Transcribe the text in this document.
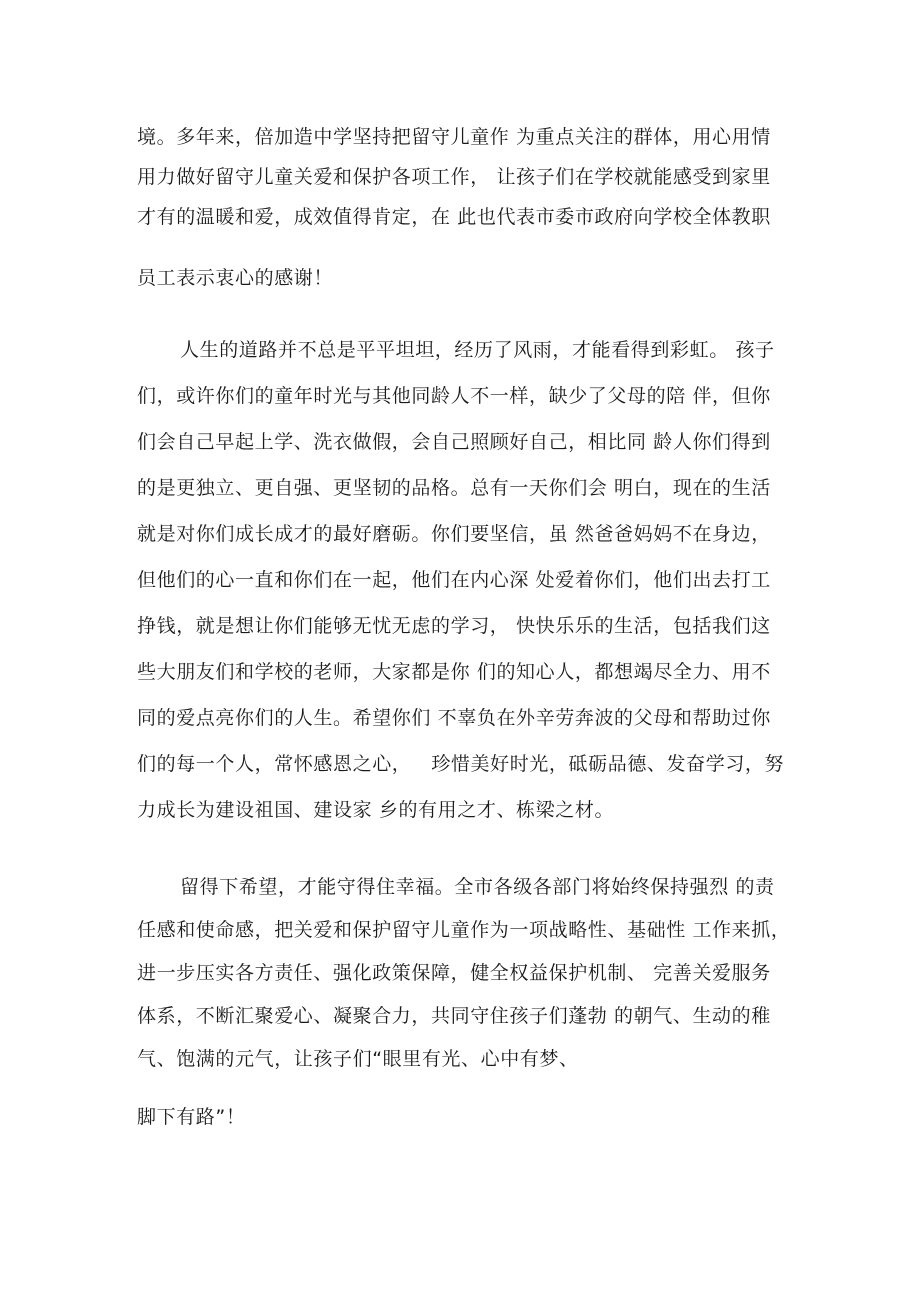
境。多年来，倍加造中学坚持把留守儿童作 为重点关注的群体，用心用情
用力做好留守儿童关爱和保护各项工作， 让孩子们在学校就能感受到家里
才有的温暖和爱，成效值得肯定，在 此也代表市委市政府向学校全体教职
员工表示衷心的感谢！
人生的道路并不总是平平坦坦，经历了风雨，才能看得到彩虹。 孩子
们，或许你们的童年时光与其他同龄人不一样，缺少了父母的陪 伴，但你
们会自己早起上学、洗衣做假，会自己照顾好自己，相比同 龄人你们得到
的是更独立、更自强、更坚韧的品格。总有一天你们会 明白，现在的生活
就是对你们成长成才的最好磨砺。你们要坚信，虽 然爸爸妈妈不在身边，
但他们的心一直和你们在一起，他们在内心深 处爱着你们，他们出去打工
挣钱，就是想让你们能够无忧无虑的学习， 快快乐乐的生活，包括我们这
些大朋友们和学校的老师，大家都是你 们的知心人，都想竭尽全力、用不
同的爱点亮你们的人生。希望你们 不辜负在外辛劳奔波的父母和帮助过你
们的每一个人，常怀感恩之心，   珍惜美好时光，砥砺品德、发奋学习，努
力成长为建设祖国、建设家 乡的有用之才、栋梁之材。
留得下希望，才能守得住幸福。全市各级各部门将始终保持强烈 的责
任感和使命感，把关爱和保护留守儿童作为一项战略性、基础性 工作来抓，
进一步压实各方责任、强化政策保障，健全权益保护机制、 完善关爱服务
体系，不断汇聚爱心、凝聚合力，共同守住孩子们蓬勃 的朝气、生动的稚
气、饱满的元气，让孩子们“眼里有光、心中有梦、
脚下有路”！
